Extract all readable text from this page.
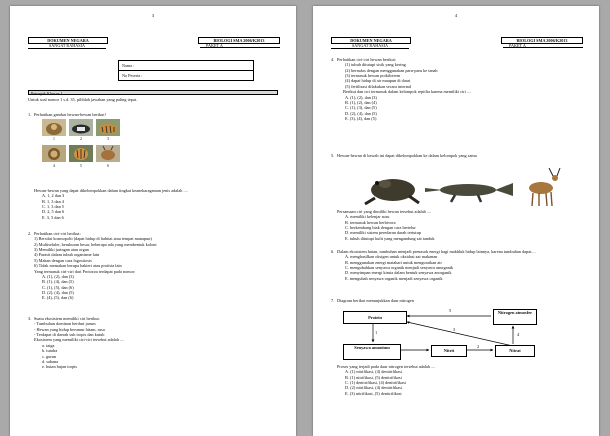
3
DOKUMEN NEGARA	BIOLOGI SMA 2006/K2013
SANGAT RAHASIA	PAKET A
Nama :
No Peserta :
Petunjuk Khusus 1
Untuk soal nomor 1 s.d. 35, pilihlah jawaban yang paling tepat.
1. Perhatikan gambar hewan-hewan berikut!
1	2	3
4	5	6
Hewan-hewan yang dapat dikelompokkan dalam tingkat keanekaragaman jenis adalah ....
A. 1, 2 dan 3
B. 1, 3 dan 4
C. 1, 3 dan 5
D. 2, 5 dan 6
E. 3, 5 dan 6
2. Perhatikan ciri-ciri berikut:
1) Bersifat kosmopolit (dapat hidup di habitat atau tempat manapun)
2) Multiseluler, berukuran besar, beberapa ada yang membentuk koloni
3) Memiliki jaringan atau organ
4) Parasit dalam tubuh organisme lain
5) Makan dengan cara fagositosis
6) Tidak memakan berupa bakteri atau protista lain
Yang termasuk ciri-ciri dari Protozoa terdapat pada nomor:
A. (1), (2), dan (3)
B. (1), (4), dan (5)
C. (1), (5), dan (6)
D. (2), (4), dan (5)
E. (4), (5), dan (6)
3. Suatu ekosistem memiliki ciri berikut:
- Tumbuhan dominan berduri jarum
- Hewan yang hidup berumur hitam, rusa
- Terdapat di daerah sub tropis dan kutub
Ekosistem yang memiliki ciri-ciri tersebut adalah ....
a. taiga
b. tundra
c. gurun
d. sabana
e. hutan hujan tropis
4
DOKUMEN NEGARA	BIOLOGI SMA 2006/K2013
SANGAT RAHASIA	PAKET A
4. Perhatikan ciri-ciri hewan berikut:
(1) tubuh ditutupi sisik yang kering
(2) bernafas dengan menggunakan paru-paru ke tanah
(3) termasuk hewan poikiloterm
(4) dapat hidup di air maupun di darat
(5) fertilisasi dilakukan secara internal
Berikut dan ciri termasuk dalam kelompok reptilia karena memiliki ciri ....
A. (1), (2), dan (3)
B. (1), (2), dan (4)
C. (1), (3), dan (5)
D. (2), (4), dan (5)
E. (3), (4), dan (5)
5. Hewan-hewan di bawah ini dapat dikelompokkan ke dalam kelompok yang sama
Persamaan ciri yang dimiliki hewan tersebut adalah ....
A. memiliki kelenjar susu
B. termasuk hewan herbivora
C. berkembang biak dengan cara bertelur
D. memiliki sistem peredaran darah tertutup
E. tubuh ditutupi kulit yang mengandung zat tanduk
6. Dalam ekosistem hutan, tumbuhan menjadi prenasok energi bagi makhluk hidup lainnya, karena tumbuhan dapat....
A. menghasilkan oksigen untuk oksidasi zat makanan
B. menggunakan energi matahari untuk menguraikan air
C. mengubahkan senyawa organik menjadi senyawa anorganik
D. menyimpan energi kimia dalam bentuk senyawa anorganik
E. mengubah senyawa organik menjadi senyawa organik
7. Diagram berikut menunjukkan daur nitrogen
Protein
Nitrogen atmosfer
Senyawa amonium
Nitrit	Nitrat
5
3
1
2
4
Proses yang terjadi pada daur nitrogen tersebut adalah ....
A. (1) nitrifikasi, (4) denitrifikasi
B. (1) nitrifikasi, (5) denitrifikasi
C. (1) denitrifikasi, (4) denitrifikasi
D. (2) nitrifikasi, (4) denitrifikasi
E. (3) nitrifikasi, (5) denitrifikasi
